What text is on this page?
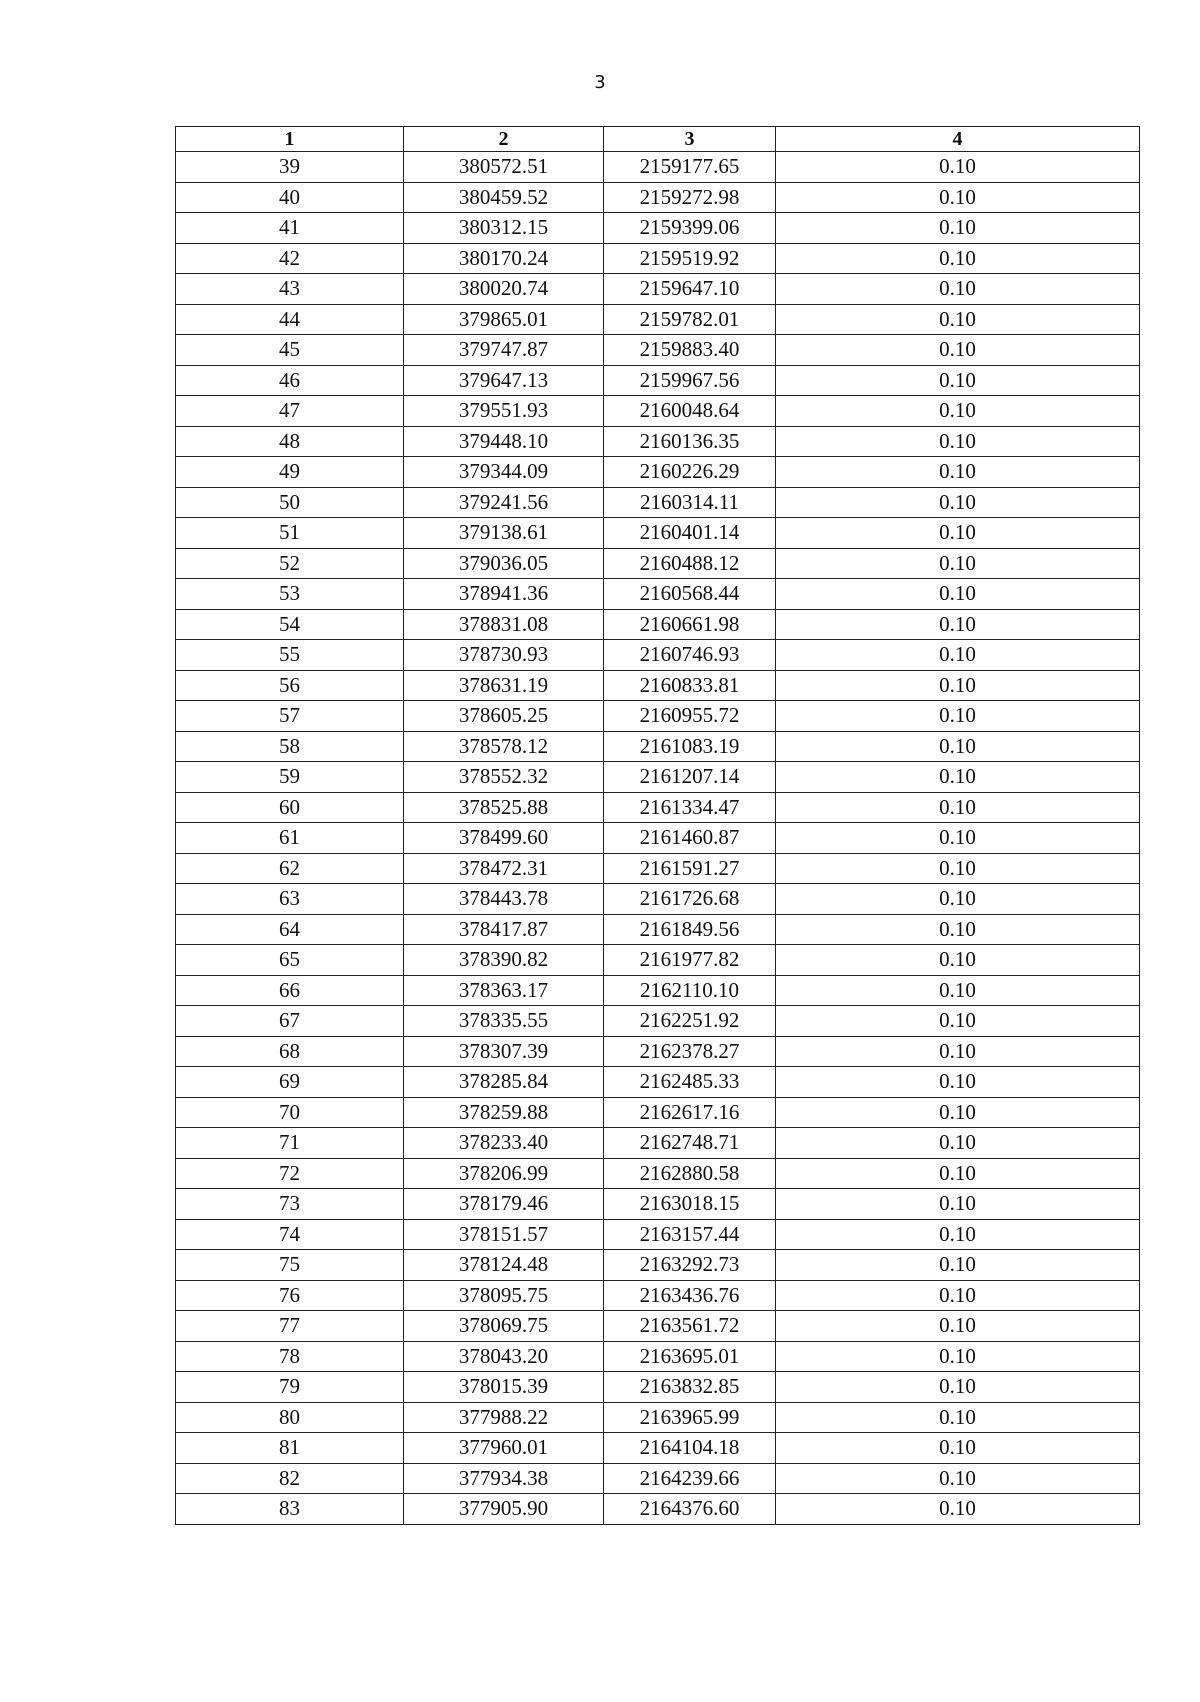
3
1	2	3	4
39	380572.51	2159177.65	0.10
40	380459.52	2159272.98	0.10
41	380312.15	2159399.06	0.10
42	380170.24	2159519.92	0.10
43	380020.74	2159647.10	0.10
44	379865.01	2159782.01	0.10
45	379747.87	2159883.40	0.10
46	379647.13	2159967.56	0.10
47	379551.93	2160048.64	0.10
48	379448.10	2160136.35	0.10
49	379344.09	2160226.29	0.10
50	379241.56	2160314.11	0.10
51	379138.61	2160401.14	0.10
52	379036.05	2160488.12	0.10
53	378941.36	2160568.44	0.10
54	378831.08	2160661.98	0.10
55	378730.93	2160746.93	0.10
56	378631.19	2160833.81	0.10
57	378605.25	2160955.72	0.10
58	378578.12	2161083.19	0.10
59	378552.32	2161207.14	0.10
60	378525.88	2161334.47	0.10
61	378499.60	2161460.87	0.10
62	378472.31	2161591.27	0.10
63	378443.78	2161726.68	0.10
64	378417.87	2161849.56	0.10
65	378390.82	2161977.82	0.10
66	378363.17	2162110.10	0.10
67	378335.55	2162251.92	0.10
68	378307.39	2162378.27	0.10
69	378285.84	2162485.33	0.10
70	378259.88	2162617.16	0.10
71	378233.40	2162748.71	0.10
72	378206.99	2162880.58	0.10
73	378179.46	2163018.15	0.10
74	378151.57	2163157.44	0.10
75	378124.48	2163292.73	0.10
76	378095.75	2163436.76	0.10
77	378069.75	2163561.72	0.10
78	378043.20	2163695.01	0.10
79	378015.39	2163832.85	0.10
80	377988.22	2163965.99	0.10
81	377960.01	2164104.18	0.10
82	377934.38	2164239.66	0.10
83	377905.90	2164376.60	0.10
